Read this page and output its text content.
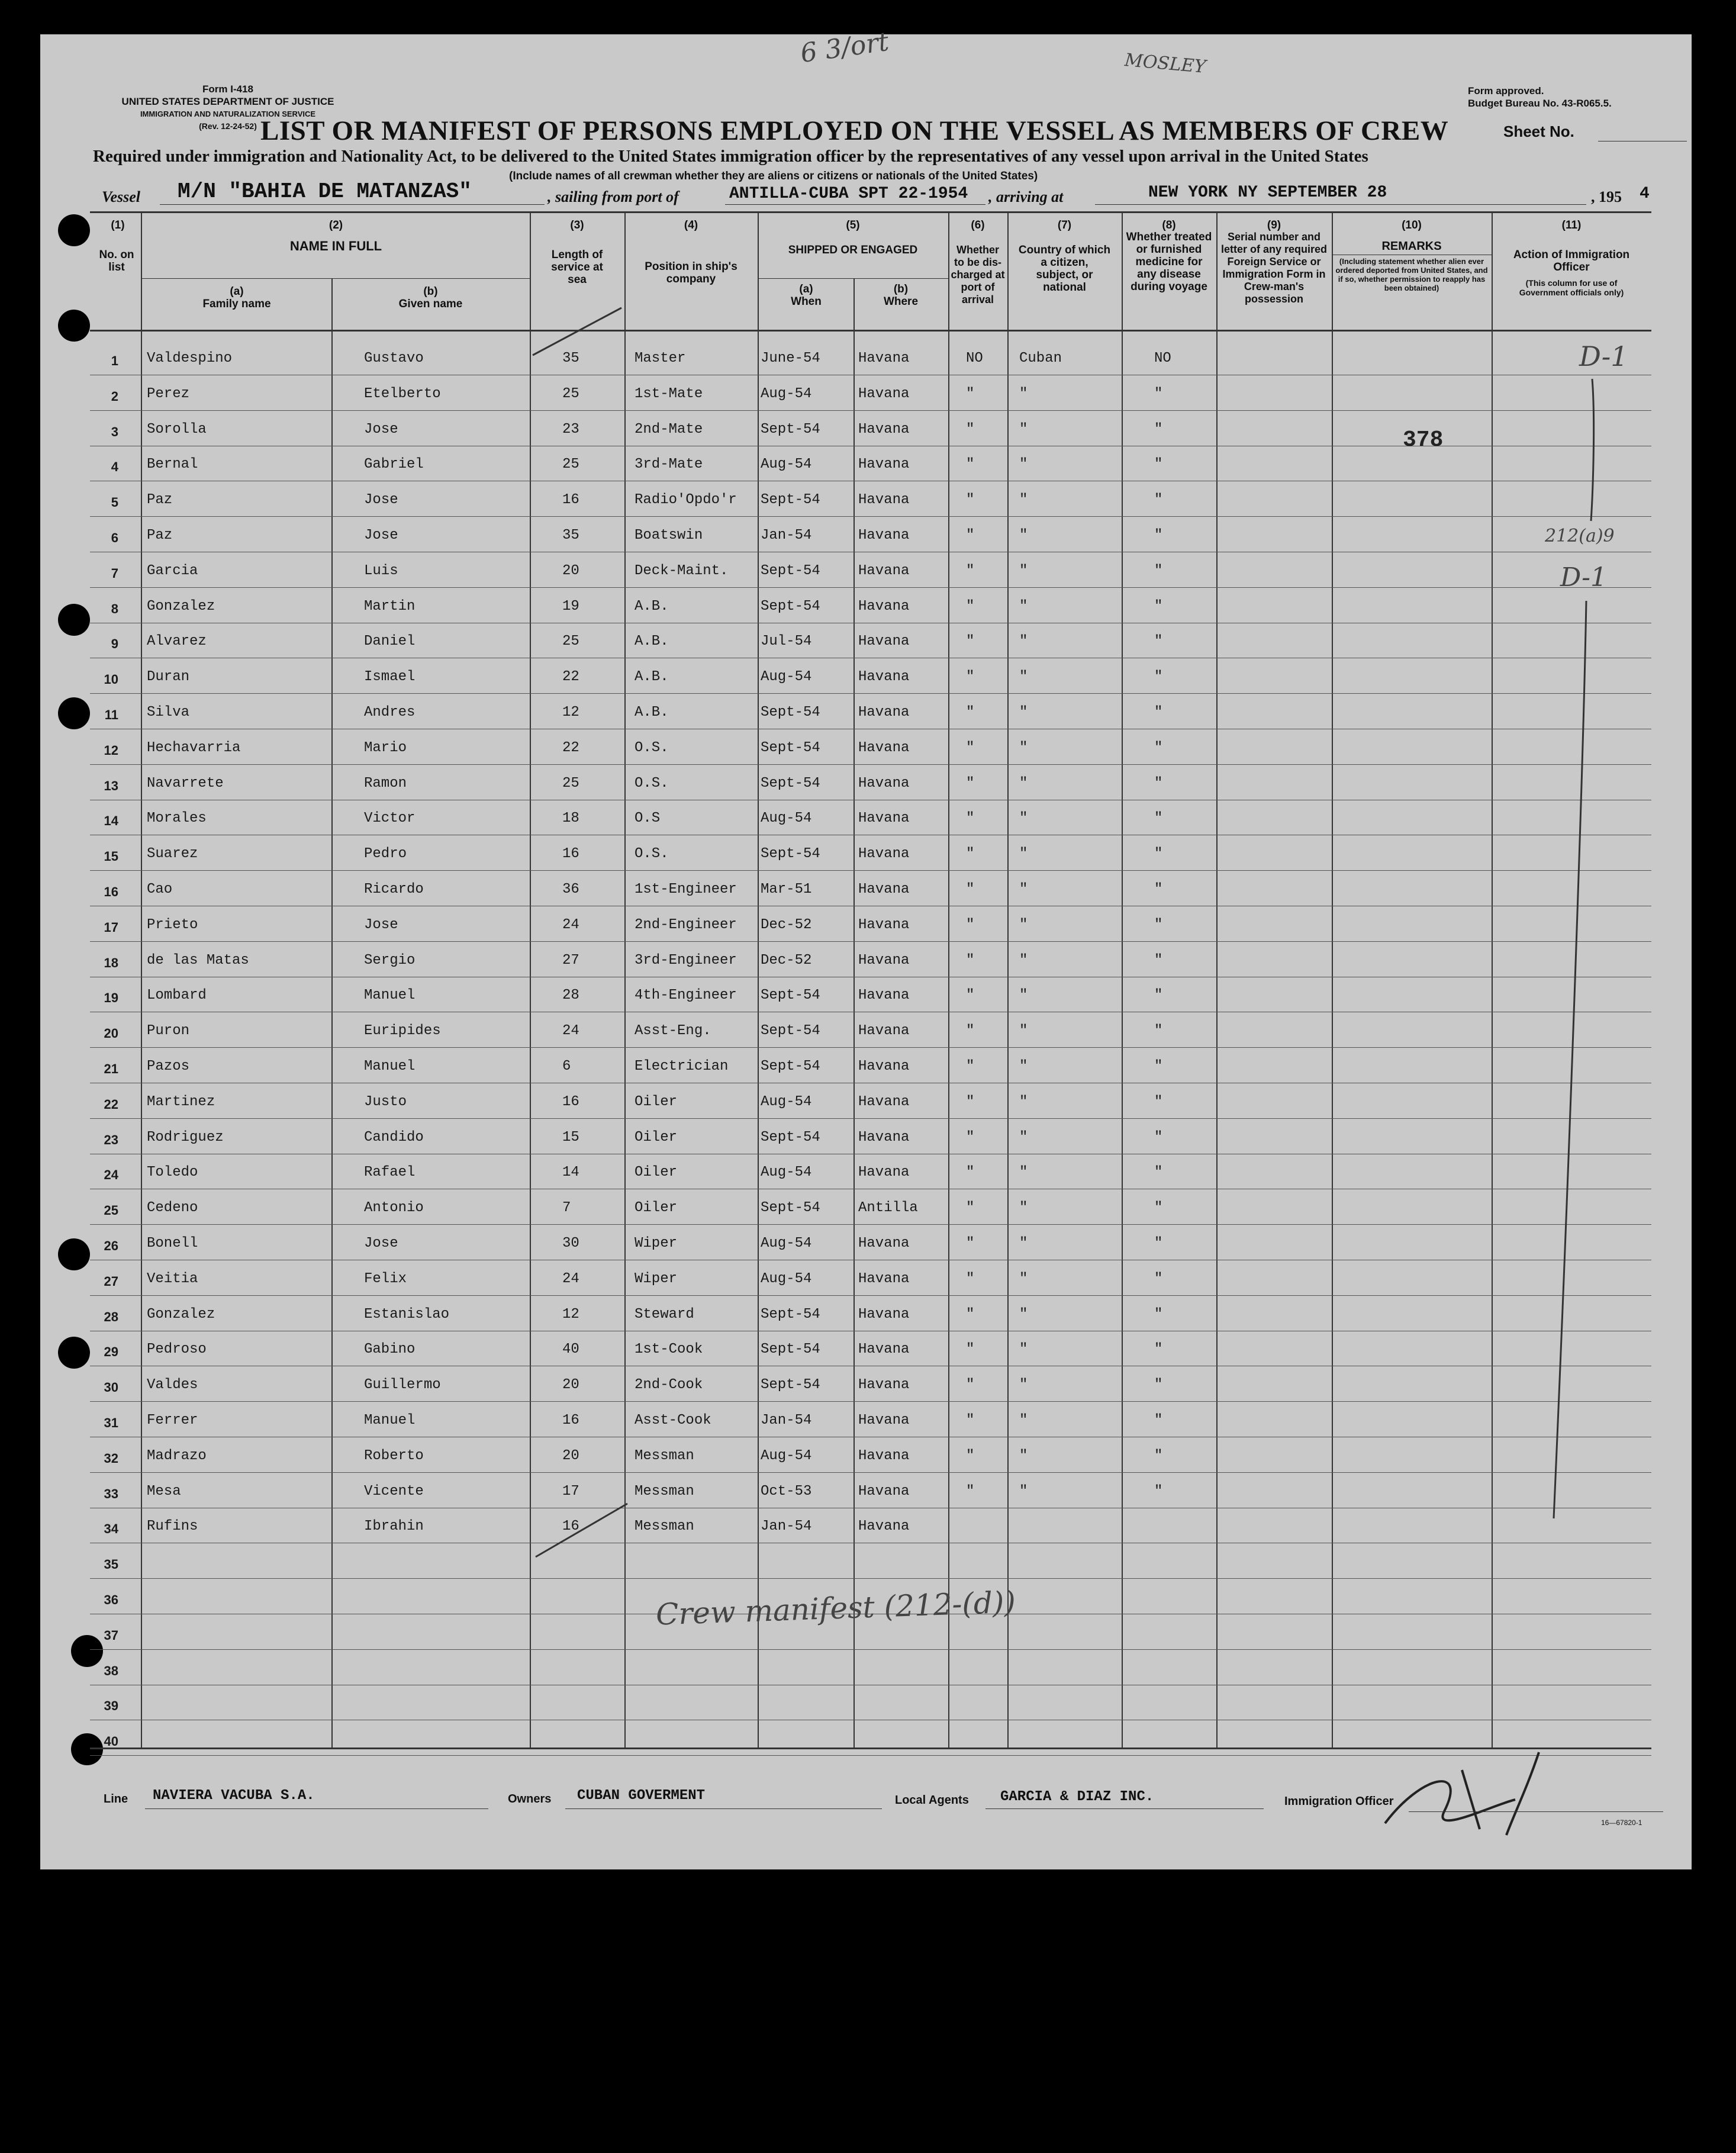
Form I-418
UNITED STATES DEPARTMENT OF JUSTICE
IMMIGRATION AND NATURALIZATION SERVICE
(Rev. 12-24-52)
Form approved.
Budget Bureau No. 43-R065.5.
6 3/ort	MOSLEY
LIST OR MANIFEST OF PERSONS EMPLOYED ON THE VESSEL AS MEMBERS OF CREW	Sheet No.
Required under immigration and Nationality Act, to be delivered to the United States immigration officer by the representatives of any vessel upon arrival in the United States
(Include names of all crewman whether they are aliens or citizens or nationals of the United States)
Vessel M/N "BAHIA DE MATANZAS"	, sailing from port of	ANTILLA-CUBA SPT 22-1954 , arriving at	NEW YORK NY SEPTEMBER 28	, 195 4
(1)
No. on list
(2)
NAME IN FULL
(a)
Family name
(b)
Given name
(3)
Length of service at sea
(4)
Position in ship's company
(5)
SHIPPED OR ENGAGED
(a)
When
(b)
Where
(6)
Whether to be dis-charged at port of arrival
(7)
Country of which a citizen, subject, or national
(8)
Whether treated or furnished medicine for any disease during voyage
(9)
Serial number and letter of any required Foreign Service or Immigration Form in Crew-man's possession
(10)
REMARKS
(Including statement whether alien ever ordered deported from United States, and if so, whether permission to reapply has been obtained)
(11)
Action of Immigration Officer
(This column for use of Government officials only)
1 Valdespino	Gustavo	35	Master	June-54	Havana	NO	Cuban	NO
2 Perez	Etelberto	25	1st-Mate	Aug-54	Havana	"	"	"
3 Sorolla	Jose	23	2nd-Mate	Sept-54	Havana	"	"	"
4 Bernal	Gabriel	25	3rd-Mate	Aug-54	Havana	"	"	"
5 Paz	Jose	16	Radio'Opdo'r Sept-54	Havana	"	"	"
6 Paz	Jose	35	Boatswin	Jan-54	Havana	"	"	"
7 Garcia	Luis	20	Deck-Maint. Sept-54	Havana	"	"	"
8 Gonzalez	Martin	19	A.B.	Sept-54	Havana	"	"	"
9 Alvarez	Daniel	25	A.B.	Jul-54	Havana	"	"	"
10 Duran	Ismael	22	A.B.	Aug-54	Havana	"	"	"
11 Silva	Andres	12	A.B.	Sept-54	Havana	"	"	"
12 Hechavarria	Mario	22	O.S.	Sept-54	Havana	"	"	"
13 Navarrete	Ramon	25	O.S.	Sept-54	Havana	"	"	"
14 Morales	Victor	18	O.S	Aug-54	Havana	"	"	"
15 Suarez	Pedro	16	O.S.	Sept-54	Havana	"	"	"
16 Cao	Ricardo	36	1st-Engineer Mar-51	Havana	"	"	"
17 Prieto	Jose	24	2nd-Engineer Dec-52	Havana	"	"	"
18 de las Matas	Sergio	27	3rd-Engineer Dec-52	Havana	"	"	"
19 Lombard	Manuel	28	4th-Engineer Sept-54	Havana	"	"	"
20 Puron	Euripides	24	Asst-Eng.	Sept-54	Havana	"	"	"
21 Pazos	Manuel	6	Electrician Sept-54	Havana	"	"	"
22 Martinez	Justo	16	Oiler	Aug-54	Havana	"	"	"
23 Rodriguez	Candido	15	Oiler	Sept-54	Havana	"	"	"
24 Toledo	Rafael	14	Oiler	Aug-54	Havana	"	"	"
25 Cedeno	Antonio	7	Oiler	Sept-54	Antilla	"	"	"
26 Bonell	Jose	30	Wiper	Aug-54	Havana	"	"	"
27 Veitia	Felix	24	Wiper	Aug-54	Havana	"	"	"
28 Gonzalez	Estanislao	12	Steward	Sept-54	Havana	"	"	"
29 Pedroso	Gabino	40	1st-Cook	Sept-54	Havana	"	"	"
30 Valdes	Guillermo	20	2nd-Cook	Sept-54	Havana	"	"	"
31 Ferrer	Manuel	16	Asst-Cook	Jan-54	Havana	"	"	"
32 Madrazo	Roberto	20	Messman	Aug-54	Havana	"	"	"
33 Mesa	Vicente	17	Messman	Oct-53	Havana	"	"	"
34 Rufins	Ibrahin	16	Messman	Jan-54	Havana
35
36
37
38
39
40
378
D-1
212(a)9
D-1
Crew manifest (212-(d))
Line NAVIERA VACUBA S.A.	Owners CUBAN GOVERMENT	Local Agents GARCIA & DIAZ INC.	Immigration Officer
16—67820-1
